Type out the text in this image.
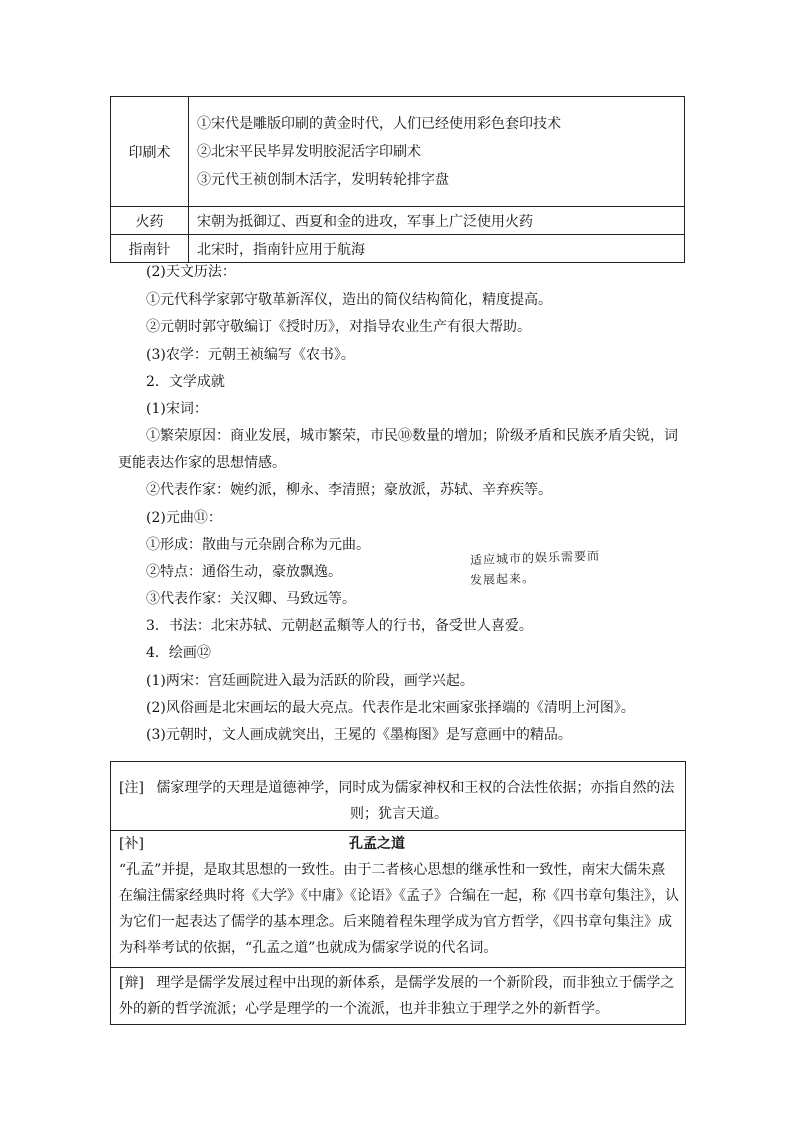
印刷术	①宋代是雕版印刷的黄金时代，人们已经使用彩色套印技术
②北宋平民毕昇发明胶泥活字印刷术
③元代王祯创制木活字，发明转轮排字盘

火药	宋朝为抵御辽、西夏和金的进攻，军事上广泛使用火药
指南针	北宋时，指南针应用于航海
(2)天文历法：
①元代科学家郭守敬革新浑仪，造出的简仪结构简化，精度提高。
②元朝时郭守敬编订《授时历》，对指导农业生产有很大帮助。
(3)农学：元朝王祯编写《农书》。
2．文学成就
(1)宋词：
①繁荣原因：商业发展，城市繁荣，市民⑩数量的增加；阶级矛盾和民族矛盾尖锐，词
更能表达作家的思想情感。
②代表作家：婉约派，柳永、李清照；豪放派，苏轼、辛弃疾等。
(2)元曲⑪：
①形成：散曲与元杂剧合称为元曲。
②特点：通俗生动，豪放飘逸。
③代表作家：关汉卿、马致远等。
3．书法：北宋苏轼、元朝赵孟頫等人的行书，备受世人喜爱。
4．绘画⑫
(1)两宋：宫廷画院进入最为活跃的阶段，画学兴起。
(2)风俗画是北宋画坛的最大亮点。代表作是北宋画家张择端的《清明上河图》。
(3)元朝时，文人画成就突出，王冕的《墨梅图》是写意画中的精品。
适应城市的娱乐需要而
发展起来。
[注] 儒家理学的天理是道德神学，同时成为儒家神权和王权的合法性依据；亦指自然的法
则；犹言天道。
[补]	孔孟之道
“孔孟”并提，是取其思想的一致性。由于二者核心思想的继承性和一致性，南宋大儒朱熹
在编注儒家经典时将《大学》《中庸》《论语》《孟子》合编在一起，称《四书章句集注》，认
为它们一起表达了儒学的基本理念。后来随着程朱理学成为官方哲学，《四书章句集注》成
为科举考试的依据，“孔孟之道”也就成为儒家学说的代名词。
[辩] 理学是儒学发展过程中出现的新体系，是儒学发展的一个新阶段，而非独立于儒学之
外的新的哲学流派；心学是理学的一个流派，也并非独立于理学之外的新哲学。
